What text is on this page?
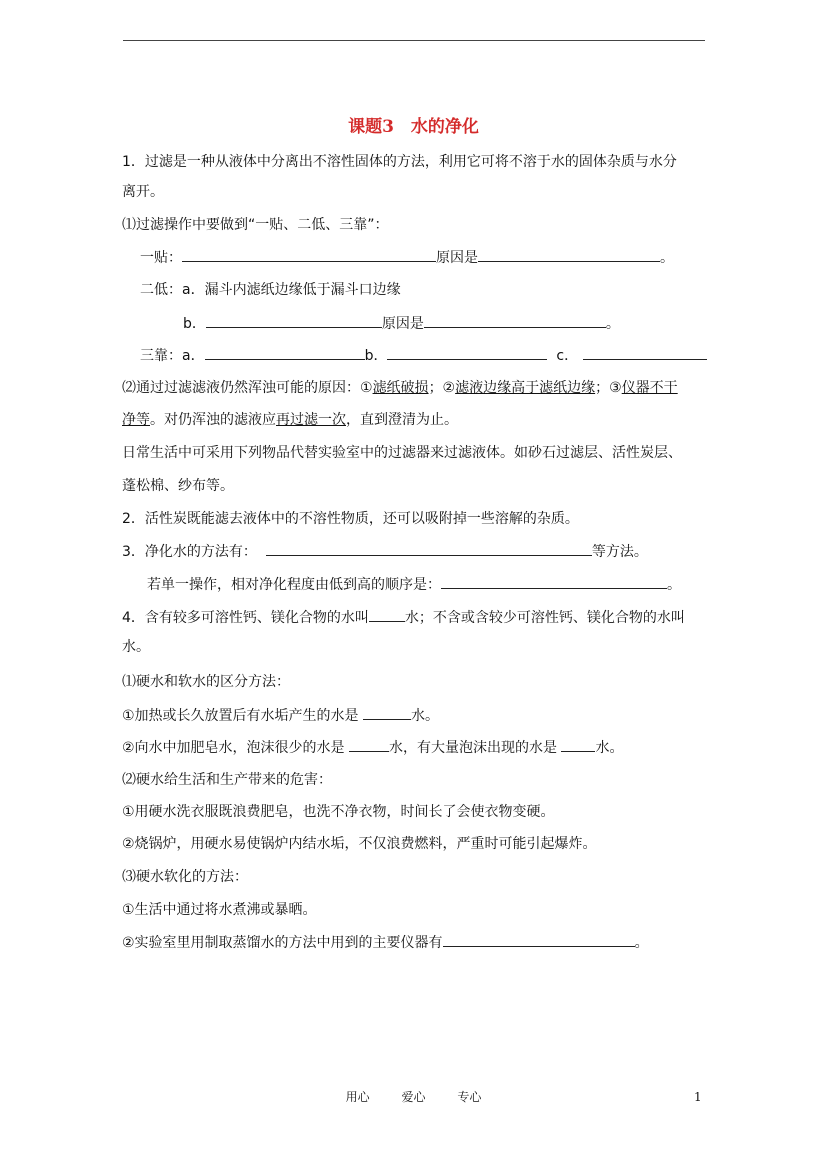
课题3　水的净化
1．过滤是一种从液体中分离出不溶性固体的方法，利用它可将不溶于水的固体杂质与水分
离开。
⑴过滤操作中要做到“一贴、二低、三靠”：
一贴：	原因是	。
二低：a．漏斗内滤纸边缘低于漏斗口边缘
b．	原因是	。
三靠：a．	b．	c．
⑵通过过滤滤液仍然浑浊可能的原因：①滤纸破损；②滤液边缘高于滤纸边缘；③仪器不干
净等。对仍浑浊的滤液应再过滤一次，直到澄清为止。
日常生活中可采用下列物品代替实验室中的过滤器来过滤液体。如砂石过滤层、活性炭层、
蓬松棉、纱布等。
2．活性炭既能滤去液体中的不溶性物质，还可以吸附掉一些溶解的杂质。
3．净化水的方法有：	等方法。
若单一操作，相对净化程度由低到高的顺序是：	。
4．含有较多可溶性钙、镁化合物的水叫	水；不含或含较少可溶性钙、镁化合物的水叫
水。
⑴硬水和软水的区分方法：
①加热或长久放置后有水垢产生的水是	水。
②向水中加肥皂水，泡沫很少的水是	水，有大量泡沫出现的水是	水。
⑵硬水给生活和生产带来的危害：
①用硬水洗衣服既浪费肥皂，也洗不净衣物，时间长了会使衣物变硬。
②烧锅炉，用硬水易使锅炉内结水垢，不仅浪费燃料，严重时可能引起爆炸。
⑶硬水软化的方法：
①生活中通过将水煮沸或暴晒。
②实验室里用制取蒸馏水的方法中用到的主要仪器有	。
用心	爱心	专心	1
